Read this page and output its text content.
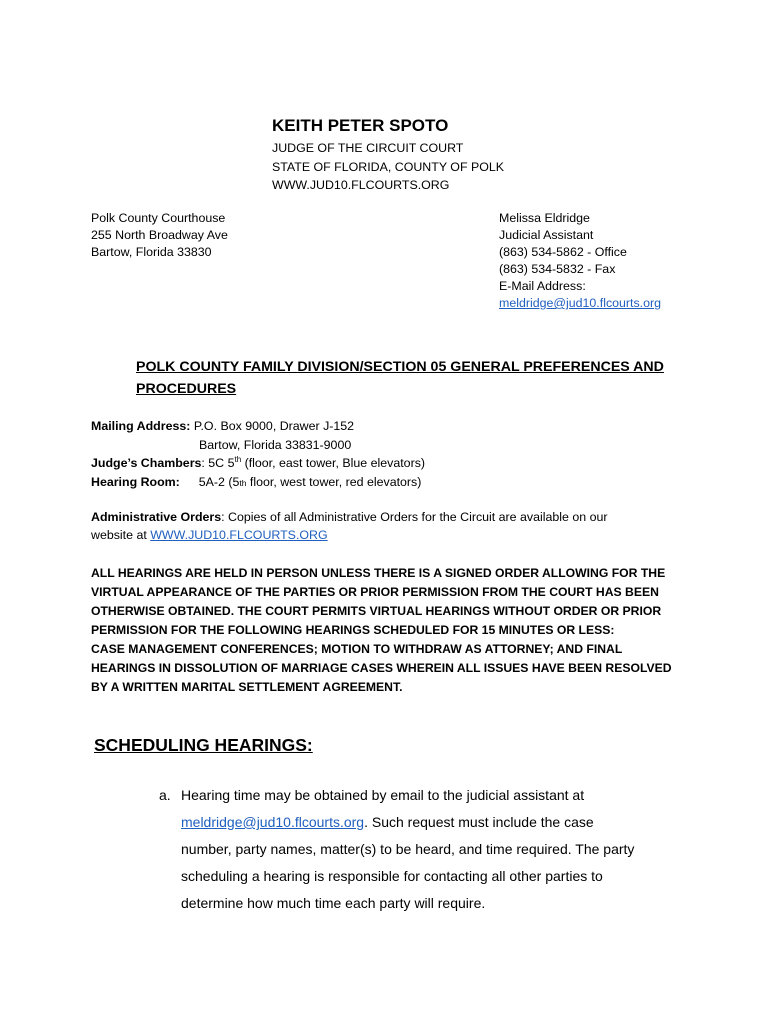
KEITH PETER SPOTO
JUDGE OF THE CIRCUIT COURT
STATE OF FLORIDA, COUNTY OF POLK
WWW.JUD10.FLCOURTS.ORG
Polk County Courthouse
255 North Broadway Ave
Bartow, Florida 33830
Melissa Eldridge
Judicial Assistant
(863) 534-5862 - Office
(863) 534-5832 - Fax
E-Mail Address:
meldridge@jud10.flcourts.org
POLK COUNTY FAMILY DIVISION/SECTION 05 GENERAL PREFERENCES AND
PROCEDURES
Mailing Address: P.O. Box 9000, Drawer J-152
Bartow, Florida 33831-9000
Judge’s Chambers: 5C 5th (floor, east tower, Blue elevators)
Hearing Room: 5A-2 (5th floor, west tower, red elevators)
Administrative Orders: Copies of all Administrative Orders for the Circuit are available on our
website at WWW.JUD10.FLCOURTS.ORG
ALL HEARINGS ARE HELD IN PERSON UNLESS THERE IS A SIGNED ORDER ALLOWING FOR THE
VIRTUAL APPEARANCE OF THE PARTIES OR PRIOR PERMISSION FROM THE COURT HAS BEEN
OTHERWISE OBTAINED. THE COURT PERMITS VIRTUAL HEARINGS WITHOUT ORDER OR PRIOR
PERMISSION FOR THE FOLLOWING HEARINGS SCHEDULED FOR 15 MINUTES OR LESS:
CASE MANAGEMENT CONFERENCES; MOTION TO WITHDRAW AS ATTORNEY; AND FINAL
HEARINGS IN DISSOLUTION OF MARRIAGE CASES WHEREIN ALL ISSUES HAVE BEEN RESOLVED
BY A WRITTEN MARITAL SETTLEMENT AGREEMENT.
SCHEDULING HEARINGS:
a. Hearing time may be obtained by email to the judicial assistant at
meldridge@jud10.flcourts.org. Such request must include the case
number, party names, matter(s) to be heard, and time required. The party
scheduling a hearing is responsible for contacting all other parties to
determine how much time each party will require.
